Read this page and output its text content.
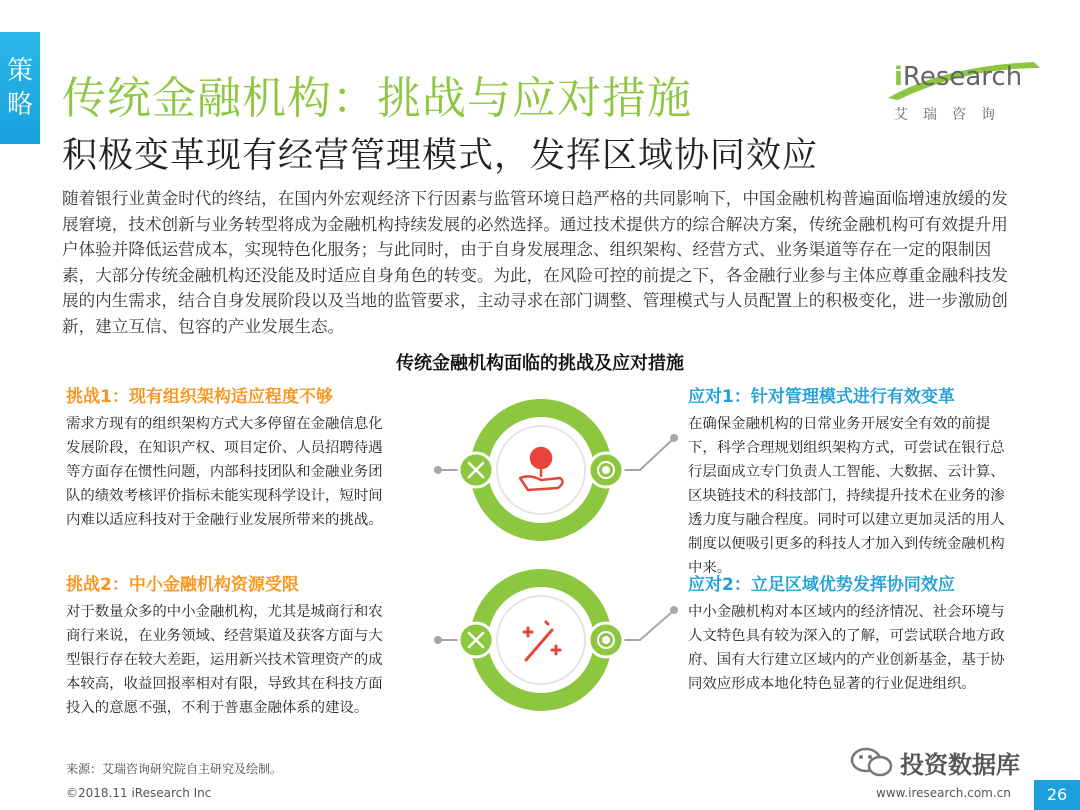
策
略 传统金融机构：挑战与应对措施
积极变革现有经营管理模式，发挥区域协同效应
iResearch
艾瑞咨询
随着银行业黄金时代的终结，在国内外宏观经济下行因素与监管环境日趋严格的共同影响下，中国金融机构普遍面临增速放缓的发展窘境，技术创新与业务转型将成为金融机构持续发展的必然选择。通过技术提供方的综合解决方案，传统金融机构可有效提升用户体验并降低运营成本，实现特色化服务；与此同时，由于自身发展理念、组织架构、经营方式、业务渠道等存在一定的限制因素，大部分传统金融机构还没能及时适应自身角色的转变。为此，在风险可控的前提之下，各金融行业参与主体应尊重金融科技发展的内生需求，结合自身发展阶段以及当地的监管要求，主动寻求在部门调整、管理模式与人员配置上的积极变化，进一步激励创新，建立互信、包容的产业发展生态。
传统金融机构面临的挑战及应对措施
挑战1：现有组织架构适应程度不够
需求方现有的组织架构方式大多停留在金融信息化发展阶段，在知识产权、项目定价、人员招聘待遇等方面存在惯性问题，内部科技团队和金融业务团队的绩效考核评价指标未能实现科学设计，短时间内难以适应科技对于金融行业发展所带来的挑战。
挑战2：中小金融机构资源受限
对于数量众多的中小金融机构，尤其是城商行和农商行来说，在业务领域、经营渠道及获客方面与大型银行存在较大差距，运用新兴技术管理资产的成本较高，收益回报率相对有限，导致其在科技方面投入的意愿不强，不利于普惠金融体系的建设。
应对1：针对管理模式进行有效变革
在确保金融机构的日常业务开展安全有效的前提下，科学合理规划组织架构方式，可尝试在银行总行层面成立专门负责人工智能、大数据、云计算、区块链技术的科技部门，持续提升技术在业务的渗透力度与融合程度。同时可以建立更加灵活的用人制度以便吸引更多的科技人才加入到传统金融机构中来。
应对2：立足区域优势发挥协同效应
中小金融机构对本区域内的经济情况、社会环境与人文特色具有较为深入的了解，可尝试联合地方政府、国有大行建立区域内的产业创新基金，基于协同效应形成本地化特色显著的行业促进组织。
来源：艾瑞咨询研究院自主研究及绘制。
©2018.11 iResearch Inc	www.iresearch.com.cn
投资数据库
26
